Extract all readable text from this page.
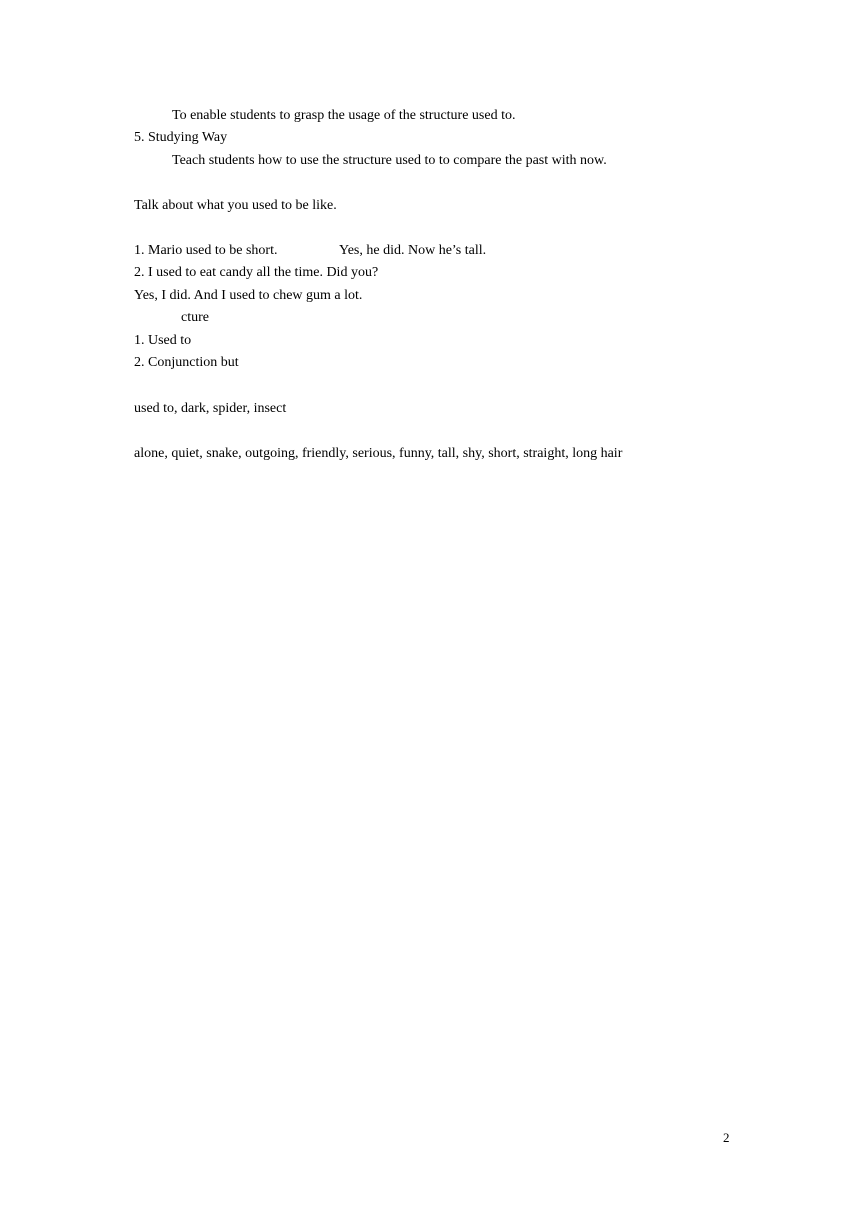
To enable students to grasp the usage of the structure used to.
5. Studying Way
Teach students how to use the structure used to to compare the past with now.
Talk about what you used to be like.
1. Mario used to be short.	Yes, he did. Now he’s tall.
2. I used to eat candy all the time. Did you?
Yes, I did. And I used to chew gum a lot.
cture
1. Used to
2. Conjunction but
used to, dark, spider, insect
alone, quiet, snake, outgoing, friendly, serious, funny, tall, shy, short, straight, long hair
2
